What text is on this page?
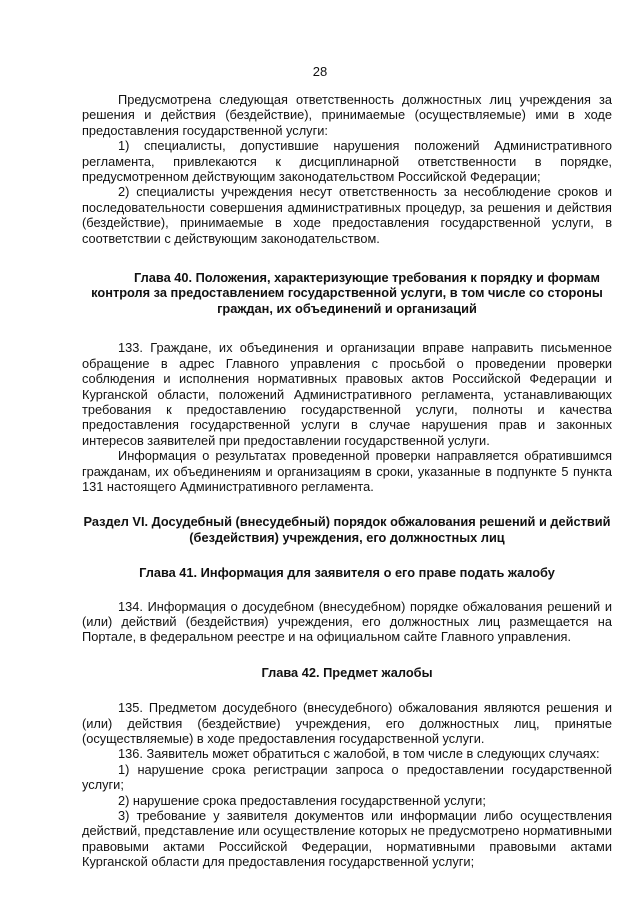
28

Предусмотрена следующая ответственность должностных лиц учреждения за решения и действия (бездействие), принимаемые (осуществляемые) ими в ходе предоставления государственной услуги:

1) специалисты, допустившие нарушения положений Административного регламента, привлекаются к дисциплинарной ответственности в порядке, предусмотренном действующим законодательством Российской Федерации;

2) специалисты учреждения несут ответственность за несоблюдение сроков и последовательности совершения административных процедур, за решения и действия (бездействие), принимаемые в ходе предоставления государственной услуги, в соответствии с действующим законодательством.

Глава 40. Положения, характеризующие требования к порядку и формам контроля за предоставлением государственной услуги, в том числе со стороны граждан, их объединений и организаций

133. Граждане, их объединения и организации вправе направить письменное обращение в адрес Главного управления с просьбой о проведении проверки соблюдения и исполнения нормативных правовых актов Российской Федерации и Курганской области, положений Административного регламента, устанавливающих требования к предоставлению государственной услуги, полноты и качества предоставления государственной услуги в случае нарушения прав и законных интересов заявителей при предоставлении государственной услуги.

Информация о результатах проведенной проверки направляется обратившимся гражданам, их объединениям и организациям в сроки, указанные в подпункте 5 пункта 131 настоящего Административного регламента.

Раздел VI. Досудебный (внесудебный) порядок обжалования решений и действий (бездействия) учреждения, его должностных лиц
Глава 41. Информация для заявителя о его праве подать жалобу

134. Информация о досудебном (внесудебном) порядке обжалования решений и (или) действий (бездействия) учреждения, его должностных лиц размещается на Портале, в федеральном реестре и на официальном сайте Главного управления.

Глава 42. Предмет жалобы

135. Предметом досудебного (внесудебного) обжалования являются решения и (или) действия (бездействие) учреждения, его должностных лиц, принятые (осуществляемые) в ходе предоставления государственной услуги.

136. Заявитель может обратиться с жалобой, в том числе в следующих случаях:

1) нарушение срока регистрации запроса о предоставлении государственной услуги;

2) нарушение срока предоставления государственной услуги;

3) требование у заявителя документов или информации либо осуществления действий, представление или осуществление которых не предусмотрено нормативными правовыми актами Российской Федерации, нормативными правовыми актами Курганской области для предоставления государственной услуги;
